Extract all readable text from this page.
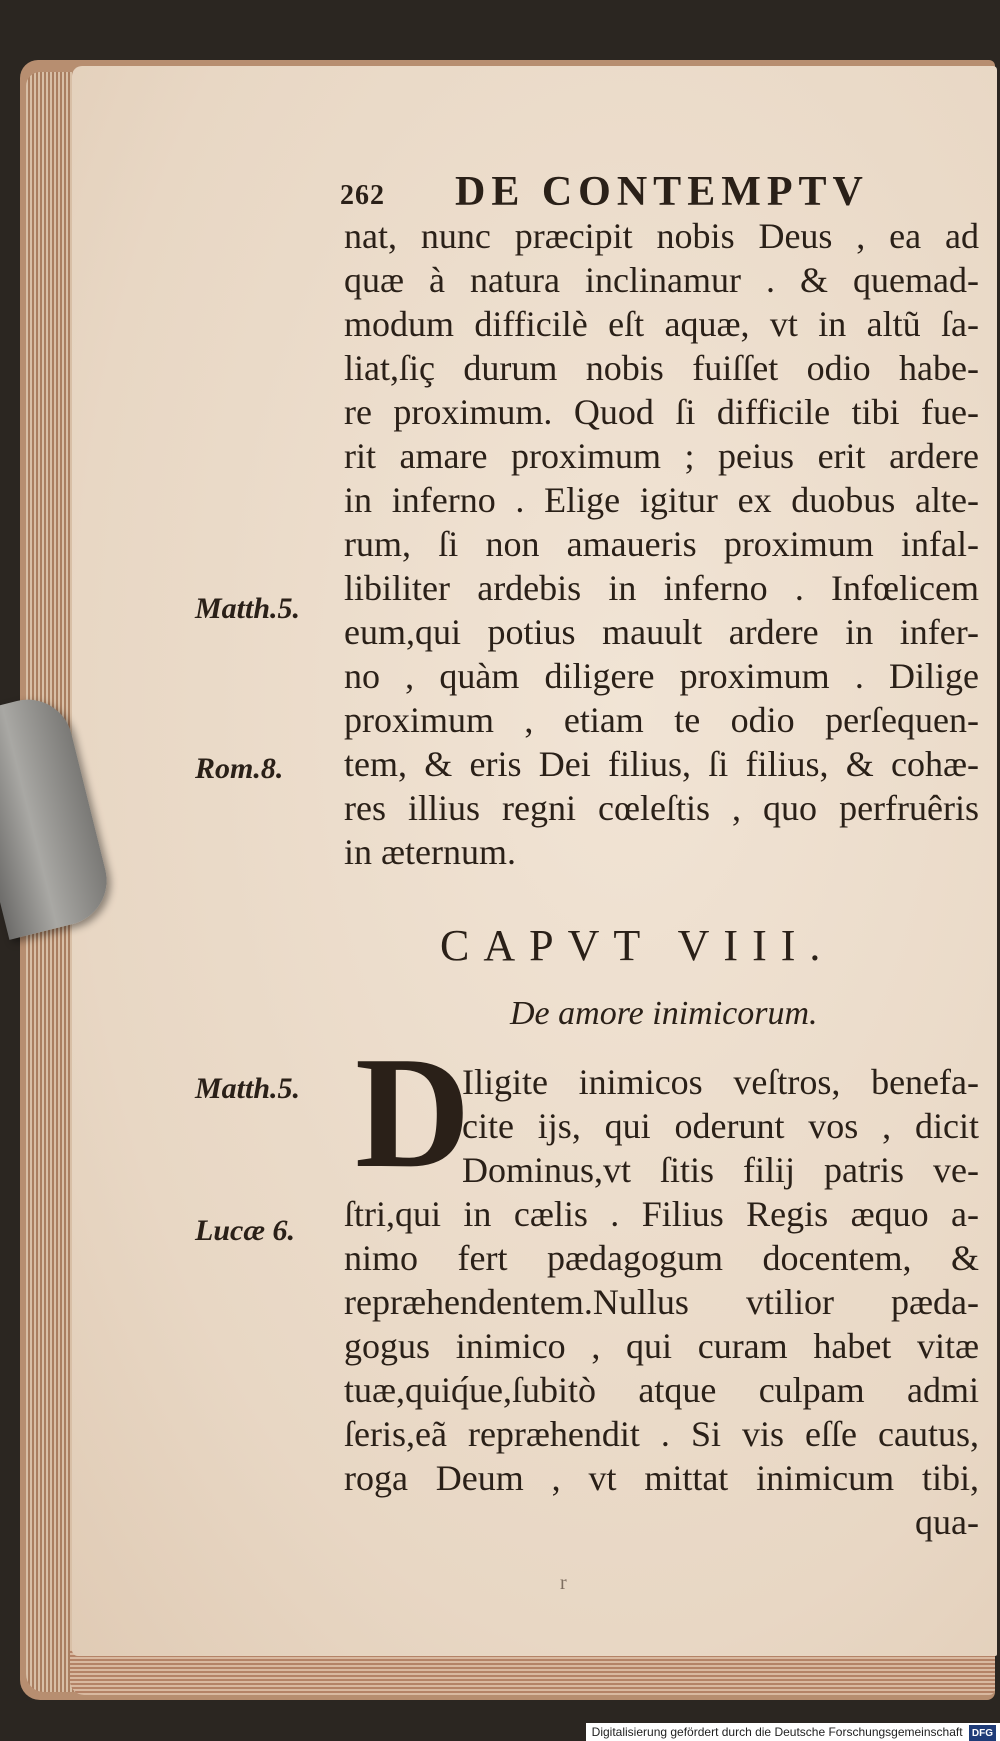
262 DE CONTEMPTV
nat, nunc præcipit nobis Deus , ea ad
quæ à natura inclinamur . & quemad-
modum difficilè eſt aquæ, vt in altũ ſa-
liat,ſiç durum nobis fuiſſet odio habe-
re proximum. Quod ſi difficile tibi fue-
rit amare proximum ; peius erit ardere
in inferno . Elige igitur ex duobus alte-
rum, ſi non amaueris proximum infal-
libiliter ardebis in inferno . Infœlicem
eum,qui potius mauult ardere in infer-
no , quàm diligere proximum . Dilige
proximum , etiam te odio perſequen-
tem, & eris Dei filius, ſi filius, & cohæ-
res illius regni cœleſtis , quo perfruêris
in æternum.
Matth.5.
Rom.8.
Matth.5.
Lucæ 6.
CAPVT VIII.
De amore inimicorum.
D
Iligite inimicos veſtros, benefa-
cite ijs, qui oderunt vos , dicit
Dominus,vt ſitis filij patris ve-
ſtri,qui in cælis . Filius Regis æquo a-
nimo fert pædagogum docentem, &
repræhendentem.Nullus vtilior pæda-
gogus inimico , qui curam habet vitæ
tuæ,quiq́ue,ſubitò atque culpam admi
ſeris,eã repræhendit . Si vis eſſe cautus,
roga Deum , vt mittat inimicum tibi,
qua-
r
Digitalisierung gefördert durch die Deutsche Forschungsgemeinschaft DFG
